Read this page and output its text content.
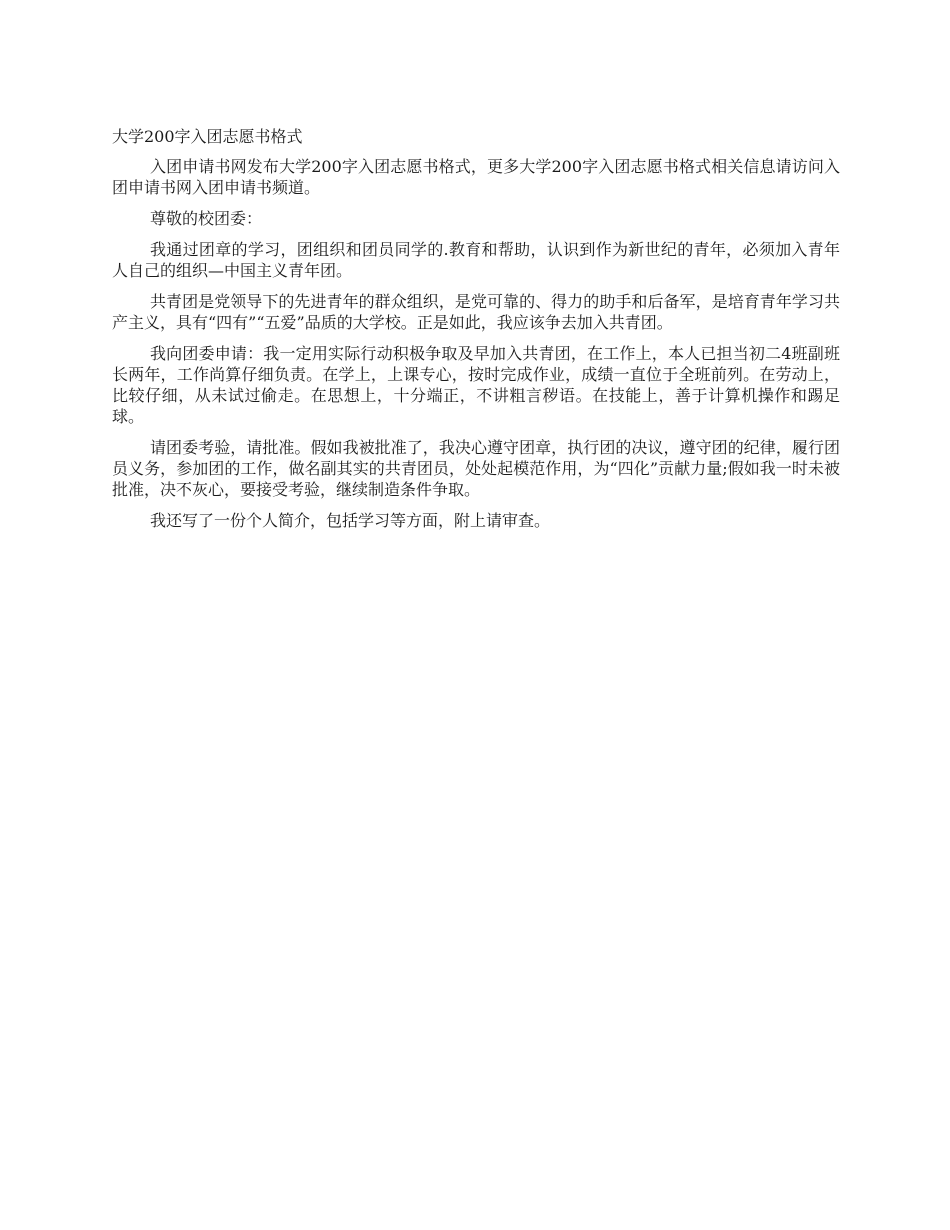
大学200字入团志愿书格式

入团申请书网发布大学200字入团志愿书格式，更多大学200字入团志愿书格式相关信息请访问入团申请书网入团申请书频道。

尊敬的校团委：

我通过团章的学习，团组织和团员同学的.教育和帮助，认识到作为新世纪的青年，必须加入青年人自己的组织—中国主义青年团。

共青团是党领导下的先进青年的群众组织，是党可靠的、得力的助手和后备军，是培育青年学习共产主义，具有“四有”“五爱”品质的大学校。正是如此，我应该争去加入共青团。

我向团委申请：我一定用实际行动积极争取及早加入共青团，在工作上，本人已担当初二4班副班长两年，工作尚算仔细负责。在学上，上课专心，按时完成作业，成绩一直位于全班前列。在劳动上，比较仔细，从未试过偷走。在思想上，十分端正，不讲粗言秽语。在技能上，善于计算机操作和踢足球。

请团委考验，请批准。假如我被批准了，我决心遵守团章，执行团的决议，遵守团的纪律，履行团员义务，参加团的工作，做名副其实的共青团员，处处起模范作用，为“四化”贡献力量;假如我一时未被批准，决不灰心，要接受考验，继续制造条件争取。

我还写了一份个人简介，包括学习等方面，附上请审查。
